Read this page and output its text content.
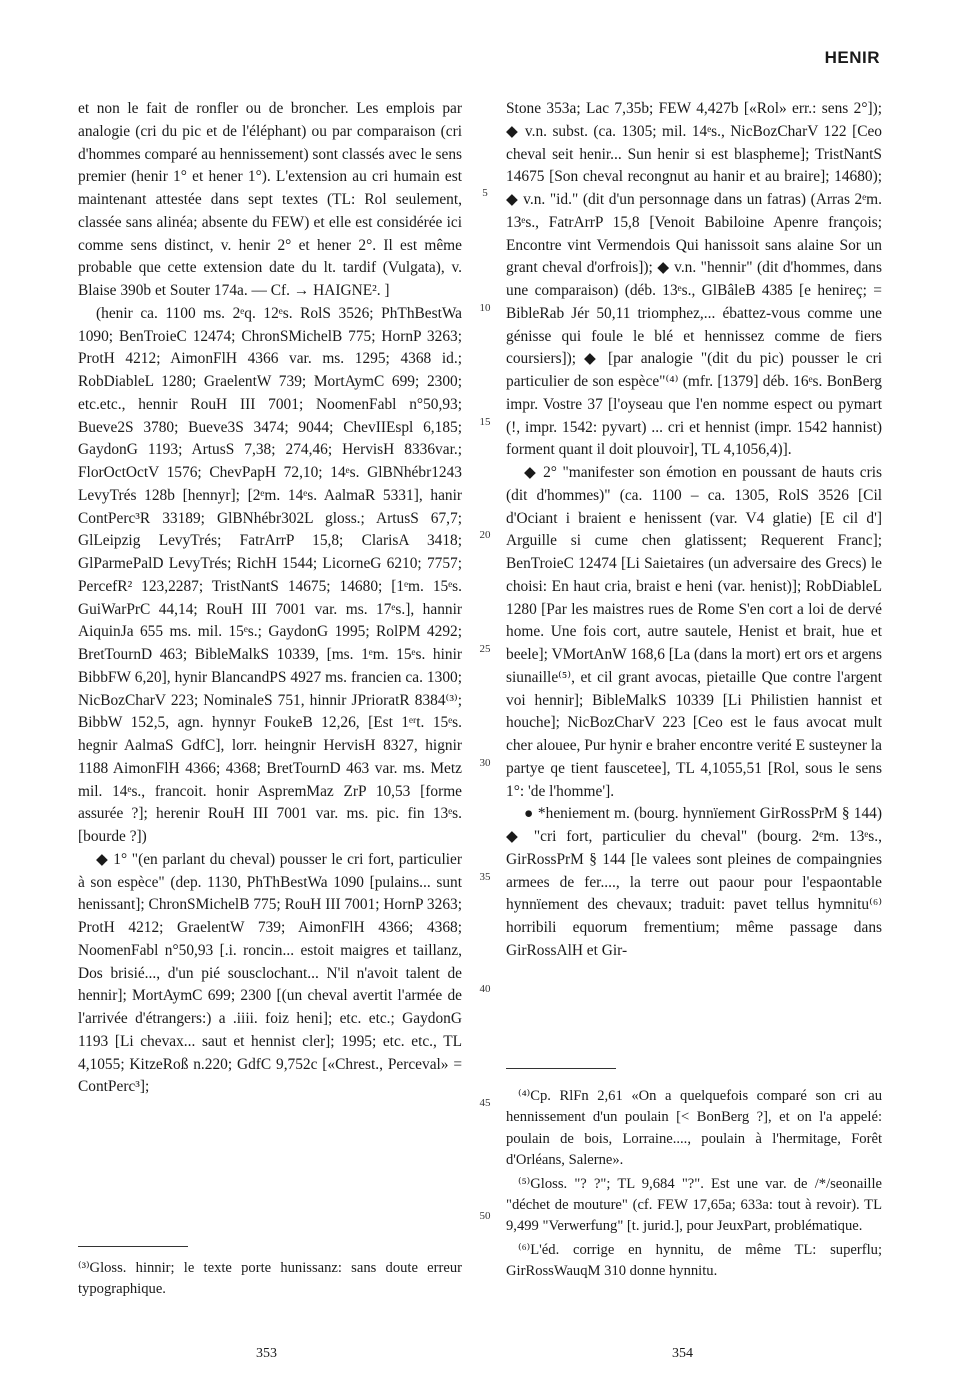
HENIR

et non le fait de ronfler ou de broncher. Les emplois par analogie (cri du pic et de l'éléphant) ou par comparaison (cri d'hommes comparé au hennissement) sont classés avec le sens premier (henir 1° et hener 1°). L'extension au cri humain est maintenant attestée dans sept textes (TL: Rol seulement, classée sans alinéa; absente du FEW) et elle est considérée ici comme sens distinct, v. henir 2° et hener 2°. Il est même probable que cette extension date du lt. tardif (Vulgata), v. Blaise 390b et Souter 174a. — Cf. → HAIGNE². ]

(henir ca. 1100 ms. 2ᵉq. 12ᵉs. RolS 3526; PhThBestWa 1090; BenTroieC 12474; ChronSMichelB 775; HornP 3263; ProtH 4212; AimonFlH 4366 var. ms. 1295; 4368 id.; RobDiableL 1280; GraelentW 739; MortAymC 699; 2300; etc.etc., hennir RouH III 7001; NoomenFabl n°50,93; Bueve2S 3780; Bueve3S 3474; 9044; ChevIIEspl 6,185; GaydonG 1193; ArtusS 7,38; 274,46; HervisH 8336var.; FlorOctOctV 1576; ChevPapH 72,10; 14ᵉs. GlBNhébr1243 LevyTrés 128b [hennyr]; [2ᵉm. 14ᵉs. AalmaR 5331], hanir ContPerc³R 33189; GlBNhébr302L gloss.; ArtusS 67,7; GlLeipzig LevyTrés; FatrArrP 15,8; ClarisA 3418; GlParmePalD LevyTrés; RichH 1544; LicorneG 6210; 7757; PercefR² 123,2287; TristNantS 14675; 14680; [1ᵉm. 15ᵉs. GuiWarPrC 44,14; RouH III 7001 var. ms. 17ᵉs.], hannir AiquinJa 655 ms. mil. 15ᵉs.; GaydonG 1995; RolPM 4292; BretTournD 463; BibleMalkS 10339, [ms. 1ᵉm. 15ᵉs. hinir BibbFW 6,20], hynir BlancandPS 4927 ms. francien ca. 1300; NicBozCharV 223; NominaleS 751, hinnir JPrioratR 8384⁽³⁾; BibbW 152,5, agn. hynnyr FoukeB 12,26, [Est 1ᵉʳt. 15ᵉs. hegnir AalmaS GdfC], lorr. heingnir HervisH 8327, hignir 1188 AimonFlH 4366; 4368; BretTournD 463 var. ms. Metz mil. 14ᵉs., francoit. honir AspremMaz ZrP 10,53 [forme assurée ?]; herenir RouH III 7001 var. ms. pic. fin 13ᵉs. [bourde ?])

◆ 1° "(en parlant du cheval) pousser le cri fort, particulier à son espèce" (dep. 1130, PhThBestWa 1090 [pulains... sunt henissant]; ChronSMichelB 775; RouH III 7001; HornP 3263; ProtH 4212; GraelentW 739; AimonFlH 4366; 4368; NoomenFabl n°50,93 [.i. roncin... estoit maigres et taillanz, Dos brisié..., d'un pié sousclochant... N'il n'avoit talent de hennir]; MortAymC 699; 2300 [(un cheval avertit l'armée de l'arrivée d'étrangers:) a .iiii. foiz heni]; etc. etc.; GaydonG 1193 [Li chevax... saut et hennist cler]; 1995; etc. etc., TL 4,1055; KitzeRoß n.220; GdfC 9,752c [«Chrest., Perceval» = ContPerc³];

Stone 353a; Lac 7,35b; FEW 4,427b [«Rol» err.: sens 2°]); ◆ v.n. subst. (ca. 1305; mil. 14ᵉs., NicBozCharV 122 [Ceo cheval seit henir... Sun henir si est blaspheme]; TristNantS 14675 [Son cheval recongnut au hanir et au braire]; 14680); ◆ v.n. "id." (dit d'un personnage dans un fatras) (Arras 2ᵉm. 13ᵉs., FatrArrP 15,8 [Venoit Babiloine Apenre françois; Encontre vint Vermendois Qui hanissoit sans alaine Sor un grant cheval d'orfrois]); ◆ v.n. "hennir" (dit d'hommes, dans une comparaison) (déb. 13ᵉs., GlBâleB 4385 [e henireç; = BibleRab Jér 50,11 triomphez,... ébattez-vous comme une génisse qui foule le blé et hennissez comme de fiers coursiers]); ◆ [par analogie "(dit du pic) pousser le cri particulier de son espèce"⁽⁴⁾ (mfr. [1379] déb. 16ᵉs. BonBerg impr. Vostre 37 [l'oyseau que l'en nomme espect ou pymart (!, impr. 1542: pyvart) ... cri et hennist (impr. 1542 hannist) forment quant il doit plouvoir], TL 4,1056,4)].

◆ 2° "manifester son émotion en poussant de hauts cris (dit d'hommes)" (ca. 1100 – ca. 1305, RolS 3526 [Cil d'Ociant i braient e henissent (var. V4 glatie) [E cil d'] Arguille si cume chen glatissent; Requerent Franc]; BenTroieC 12474 [Li Saietaires (un adversaire des Grecs) le choisi: En haut cria, braist e heni (var. henist)]; RobDiableL 1280 [Par les maistres rues de Rome S'en cort a loi de dervé home. Une fois cort, autre sautele, Henist et brait, hue et beele]; VMortAnW 168,6 [La (dans la mort) ert ors et argens siunaille⁽⁵⁾, et cil grant avocas, pietaille Que contre l'argent voi hennir]; BibleMalkS 10339 [Li Philistien hannist et houche]; NicBozCharV 223 [Ceo est le faus avocat mult cher alouee, Pur hynir e braher encontre verité E susteyner la partye qe tient fauscetee], TL 4,1055,51 [Rol, sous le sens 1°: 'de l'homme'].

● *heniement m. (bourg. hynnïement GirRossPrM § 144) ◆ "cri fort, particulier du cheval" (bourg. 2ᵉm. 13ᵉs., GirRossPrM § 144 [le valees sont pleines de compaingnies armees de fer...., la terre out paour pour l'espaontable hynnïement des chevaux; traduit: pavet tellus hymnitu⁽⁶⁾ horribili equorum frementium; même passage dans GirRossAlH et Gir-

⁽³⁾Gloss. hinnir; le texte porte hunissanz: sans doute erreur typographique.

⁽⁴⁾Cp. RlFn 2,61 «On a quelquefois comparé son cri au hennissement d'un poulain [< BonBerg ?], et on l'a appelé: poulain de bois, Lorraine...., poulain à l'hermitage, Forêt d'Orléans, Salerne».

⁽⁵⁾Gloss. "? ?"; TL 9,684 "?". Est une var. de /*/seonaille "déchet de mouture" (cf. FEW 17,65a; 633a: tout à revoir). TL 9,499 "Verwerfung" [t. jurid.], pour JeuxPart, problématique.

⁽⁶⁾L'éd. corrige en hynnitu, de même TL: superflu; GirRossWauqM 310 donne hynnitu.

5
10
15
20
25
30
35
40
45
50
353	354
